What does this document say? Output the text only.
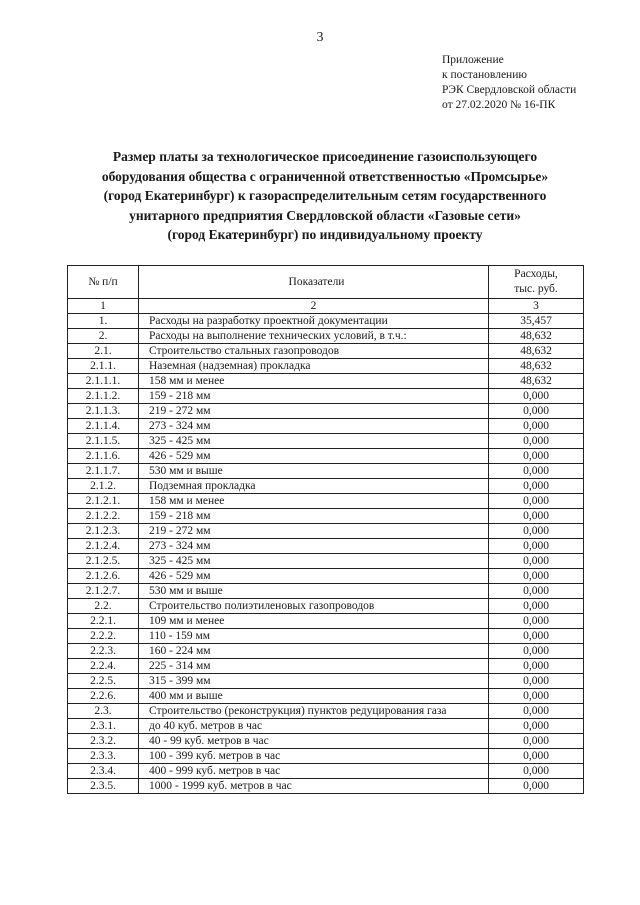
3
Приложение
к постановлению
РЭК Свердловской области
от 27.02.2020 № 16-ПК
Размер платы за технологическое присоединение газоиспользующего
оборудования общества с ограниченной ответственностью «Промсырье»
(город Екатеринбург) к газораспределительным сетям государственного
унитарного предприятия Свердловской области «Газовые сети»
(город Екатеринбург) по индивидуальному проекту
№ п/п	Показатели	Расходы,
тыс. руб.

1	2	3
1.	Расходы на разработку проектной документации	35,457
2.	Расходы на выполнение технических условий, в т.ч.:	48,632
2.1.	Строительство стальных газопроводов	48,632
2.1.1.	Наземная (надземная) прокладка	48,632
2.1.1.1.	158 мм и менее	48,632
2.1.1.2.	159 - 218 мм	0,000
2.1.1.3.	219 - 272 мм	0,000
2.1.1.4.	273 - 324 мм	0,000
2.1.1.5.	325 - 425 мм	0,000
2.1.1.6.	426 - 529 мм	0,000
2.1.1.7.	530 мм и выше	0,000
2.1.2.	Подземная прокладка	0,000
2.1.2.1.	158 мм и менее	0,000
2.1.2.2.	159 - 218 мм	0,000
2.1.2.3.	219 - 272 мм	0,000
2.1.2.4.	273 - 324 мм	0,000
2.1.2.5.	325 - 425 мм	0,000
2.1.2.6.	426 - 529 мм	0,000
2.1.2.7.	530 мм и выше	0,000
2.2.	Строительство полиэтиленовых газопроводов	0,000
2.2.1.	109 мм и менее	0,000
2.2.2.	110 - 159 мм	0,000
2.2.3.	160 - 224 мм	0,000
2.2.4.	225 - 314 мм	0,000
2.2.5.	315 - 399 мм	0,000
2.2.6.	400 мм и выше	0,000
2.3.	Строительство (реконструкция) пунктов редуцирования газа	0,000
2.3.1.	до 40 куб. метров в час	0,000
2.3.2.	40 - 99 куб. метров в час	0,000
2.3.3.	100 - 399 куб. метров в час	0,000
2.3.4.	400 - 999 куб. метров в час	0,000
2.3.5.	1000 - 1999 куб. метров в час	0,000
